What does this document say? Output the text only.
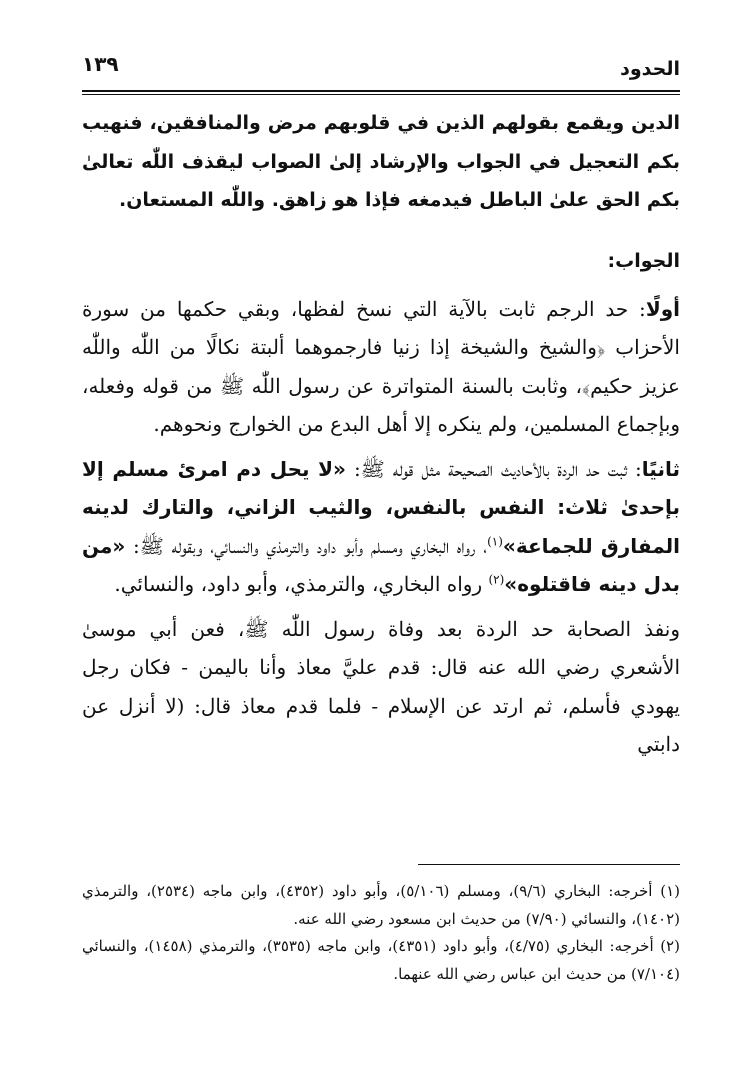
الحدود
١٣٩

الدين ويقمع بقولهم الذين في قلوبهم مرض والمنافقين، فنهيب بكم التعجيل في الجواب والإرشاد إلىٰ الصواب ليقذف اللّٰه تعالىٰ بكم الحق علىٰ الباطل فيدمغه فإذا هو زاهق. واللّٰه المستعان.

الجواب:

أولًا: حد الرجم ثابت بالآية التي نسخ لفظها، وبقي حكمها من سورة الأحزاب ﴿والشيخ والشيخة إذا زنيا فارجموهما ألبتة نكالًا من اللّٰه واللّٰه عزيز حكيم﴾، وثابت بالسنة المتواترة عن رسول اللّٰه ﷺ من قوله وفعله، وبإجماع المسلمين، ولم ينكره إلا أهل البدع من الخوارج ونحوهم.

ثانيًا: ثبت حد الردة بالأحاديث الصحيحة مثل قوله ﷺ: «لا يحل دم امرئ مسلم إلا بإحدىٰ ثلاث: النفس بالنفس، والثيب الزاني، والتارك لدينه المفارق للجماعة»$^{(١)}$، رواه البخاري ومسلم وأبو داود والترمذي والنسائي، وبقوله ﷺ: «من بدل دينه فاقتلوه»$^{(٢)}$ رواه البخاري، والترمذي، وأبو داود، والنسائي.

ونفذ الصحابة حد الردة بعد وفاة رسول اللّٰه ﷺ، فعن أبي موسىٰ الأشعري رضي الله عنه قال: قدم عليَّ معاذ وأنا باليمن - فكان رجل يهودي فأسلم، ثم ارتد عن الإسلام - فلما قدم معاذ قال: (لا أنزل عن دابتي

(١) أخرجه: البخاري (٩/٦)، ومسلم (٥/١٠٦)، وأبو داود (٤٣٥٢)، وابن ماجه (٢٥٣٤)، والترمذي (١٤٠٢)، والنسائي (٧/٩٠) من حديث ابن مسعود رضي الله عنه.

(٢) أخرجه: البخاري (٤/٧٥)، وأبو داود (٤٣٥١)، وابن ماجه (٣٥٣٥)، والترمذي (١٤٥٨)، والنسائي (٧/١٠٤) من حديث ابن عباس رضي الله عنهما.
